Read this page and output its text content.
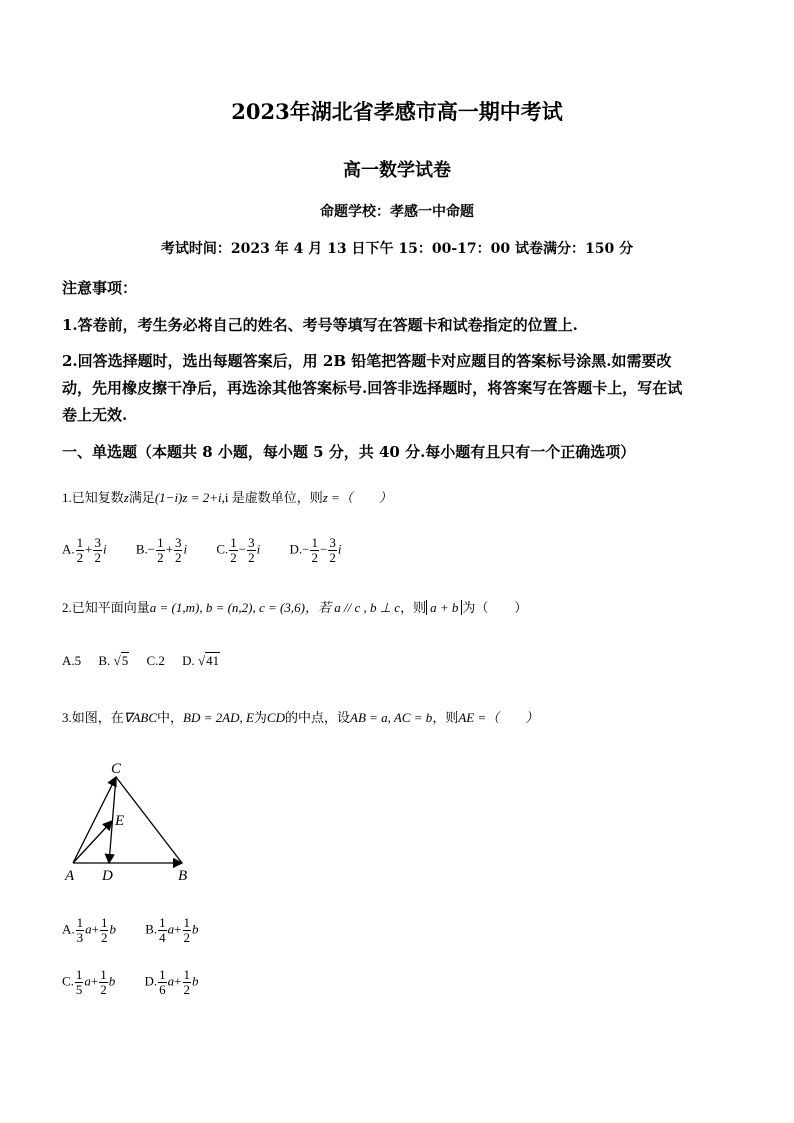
2023年湖北省孝感市高一期中考试
高一数学试卷
命题学校：孝感一中命题
考试时间：2023 年 4 月 13 日下午 15：00-17：00 试卷满分：150 分
注意事项：
1.答卷前，考生务必将自己的姓名、考号等填写在答题卡和试卷指定的位置上.
2.回答选择题时，选出每题答案后，用 2B 铅笔把答题卡对应题目的答案标号涂黑.如需要改
动，先用橡皮擦干净后，再选涂其他答案标号.回答非选择题时，将答案写在答题卡上，写在试
卷上无效.
一、单选题（本题共 8 小题，每小题 5 分，共 40 分.每小题有且只有一个正确选项）
1.已知复数z满足(1−i)z = 2+i,i 是虚数单位，则z =（　　）
A. $\frac{1}{2} + \frac{3}{2}$ i $B.- \frac{1}{2} + \frac{3}{2}$ i C. $\frac{1}{2} - \frac{3}{2}$ i $D.- \frac{1}{2} - \frac{3}{2}$ i
2.已知平面向量a = (1,m), b = (n,2), c = (3,6)，若 a // c , b ⊥ c，则 a + b 为（　　）
A.5 B. √5 C.2 D. √41
3.如图，在∇ABC中，BD = 2AD, E为CD的中点，设AB = a, AC = b，则AE =（　　）
C
E
A D	B
A. $\frac{1}{3} a+ \frac{1}{2}$ b B. $\frac{1}{4} a+ \frac{1}{2}$ b
C. $\frac{1}{5} a+ \frac{1}{2}$ b D. $\frac{1}{6} a+ \frac{1}{2}$ b
